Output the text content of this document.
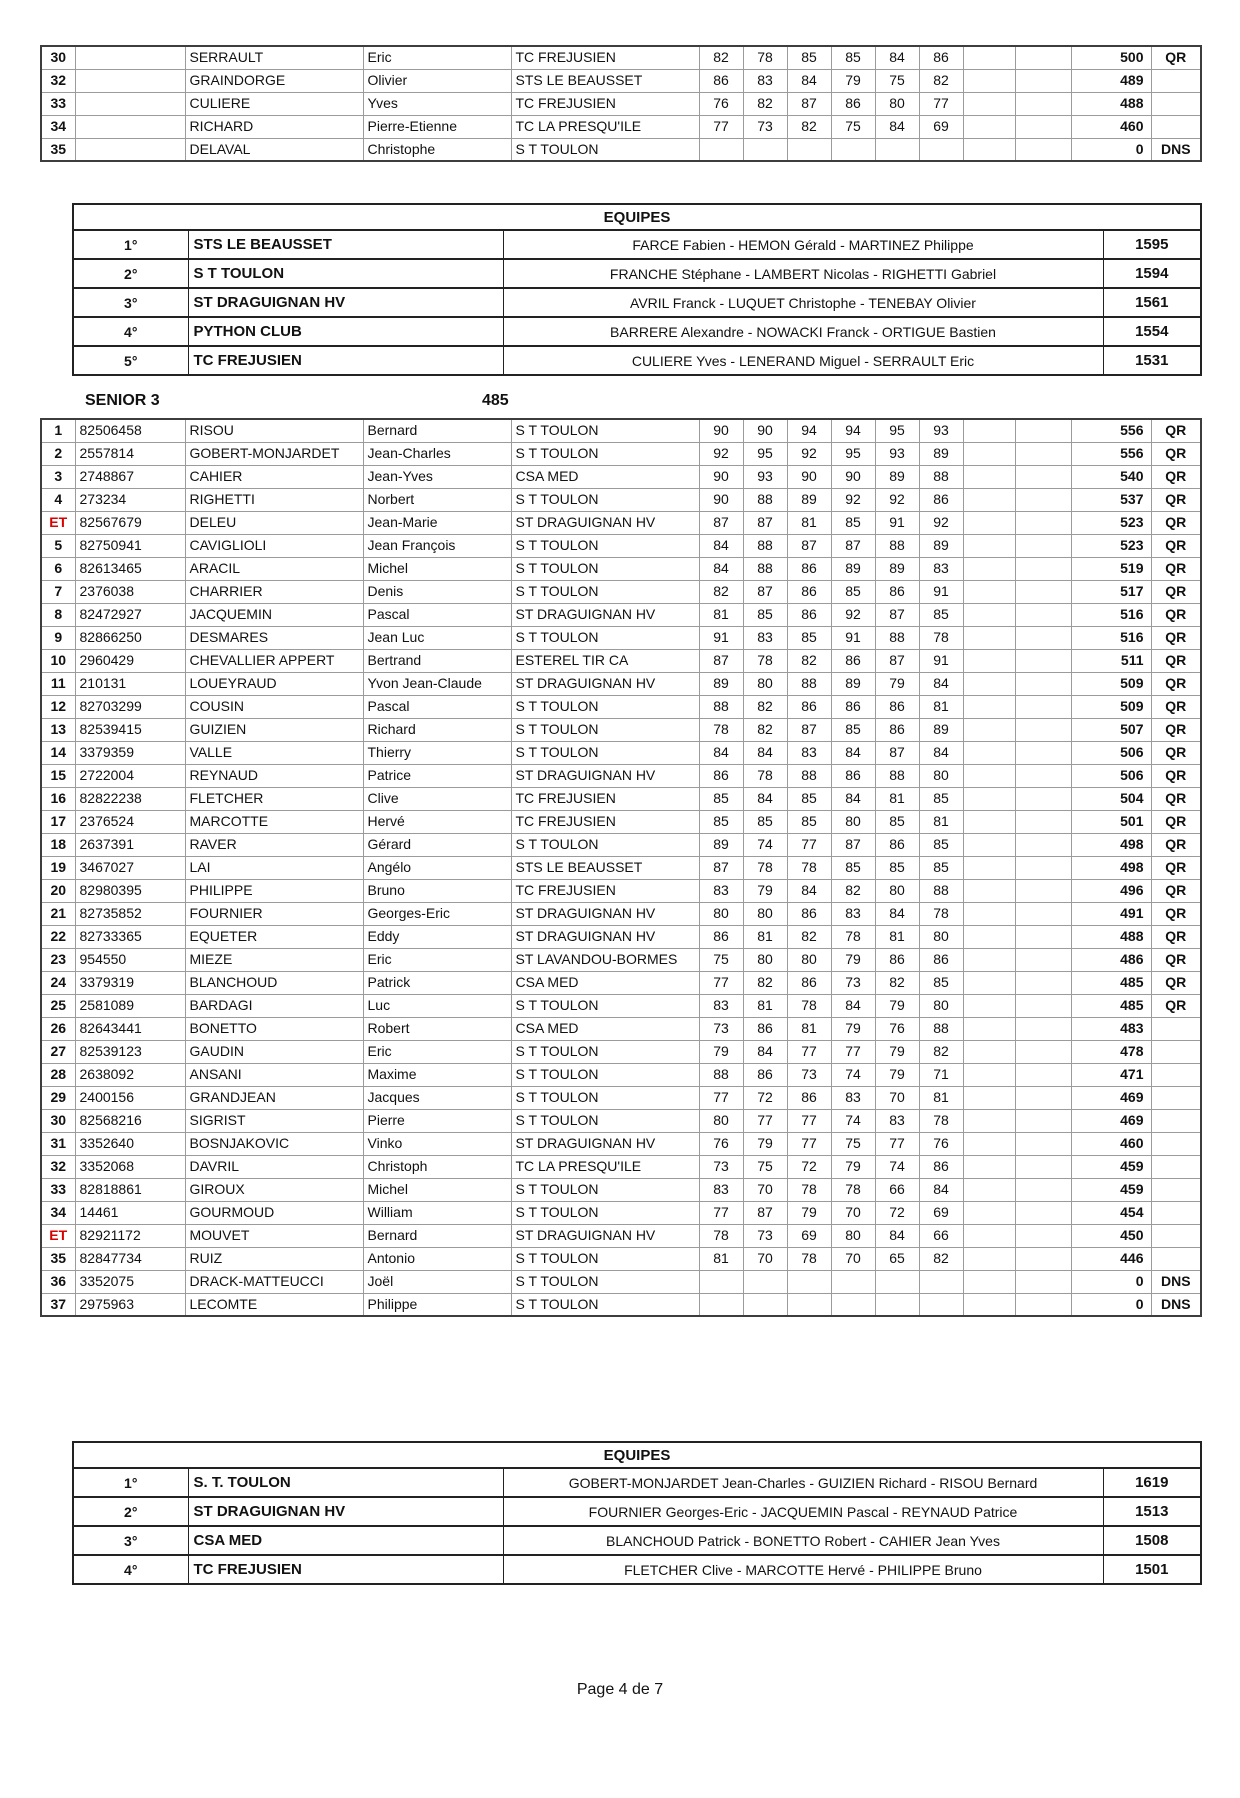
30		SERRAULT	Eric	TC FREJUSIEN	82	78	85	85	84	86			500	QR
32		GRAINDORGE	Olivier	STS LE BEAUSSET	86	83	84	79	75	82			489	
33		CULIERE	Yves	TC FREJUSIEN	76	82	87	86	80	77			488	
34		RICHARD	Pierre-Etienne	TC LA PRESQU'ILE	77	73	82	75	84	69			460	
35		DELAVAL	Christophe	S T TOULON									0	DNS
EQUIPES			
1°	STS LE BEAUSSET	FARCE Fabien - HEMON Gérald - MARTINEZ Philippe	1595
2°	S T TOULON	FRANCHE Stéphane - LAMBERT Nicolas - RIGHETTI Gabriel	1594
3°	ST DRAGUIGNAN HV	AVRIL Franck - LUQUET Christophe - TENEBAY Olivier	1561
4°	PYTHON CLUB	BARRERE Alexandre - NOWACKI Franck - ORTIGUE Bastien	1554
5°	TC FREJUSIEN	CULIERE Yves - LENERAND Miguel - SERRAULT Eric	1531
SENIOR 3	485
1	82506458	RISOU	Bernard	S T TOULON	90	90	94	94	95	93			556	QR
2	2557814	GOBERT-MONJARDET	Jean-Charles	S T TOULON	92	95	92	95	93	89			556	QR
3	2748867	CAHIER	Jean-Yves	CSA MED	90	93	90	90	89	88			540	QR
4	273234	RIGHETTI	Norbert	S T TOULON	90	88	89	92	92	86			537	QR
ET	82567679	DELEU	Jean-Marie	ST DRAGUIGNAN HV	87	87	81	85	91	92			523	QR
5	82750941	CAVIGLIOLI	Jean François	S T TOULON	84	88	87	87	88	89			523	QR
6	82613465	ARACIL	Michel	S T TOULON	84	88	86	89	89	83			519	QR
7	2376038	CHARRIER	Denis	S T TOULON	82	87	86	85	86	91			517	QR
8	82472927	JACQUEMIN	Pascal	ST DRAGUIGNAN HV	81	85	86	92	87	85			516	QR
9	82866250	DESMARES	Jean Luc	S T TOULON	91	83	85	91	88	78			516	QR
10	2960429	CHEVALLIER APPERT	Bertrand	ESTEREL TIR CA	87	78	82	86	87	91			511	QR
11	210131	LOUEYRAUD	Yvon Jean-Claude	ST DRAGUIGNAN HV	89	80	88	89	79	84			509	QR
12	82703299	COUSIN	Pascal	S T TOULON	88	82	86	86	86	81			509	QR
13	82539415	GUIZIEN	Richard	S T TOULON	78	82	87	85	86	89			507	QR
14	3379359	VALLE	Thierry	S T TOULON	84	84	83	84	87	84			506	QR
15	2722004	REYNAUD	Patrice	ST DRAGUIGNAN HV	86	78	88	86	88	80			506	QR
16	82822238	FLETCHER	Clive	TC FREJUSIEN	85	84	85	84	81	85			504	QR
17	2376524	MARCOTTE	Hervé	TC FREJUSIEN	85	85	85	80	85	81			501	QR
18	2637391	RAVER	Gérard	S T TOULON	89	74	77	87	86	85			498	QR
19	3467027	LAI	Angélo	STS LE BEAUSSET	87	78	78	85	85	85			498	QR
20	82980395	PHILIPPE	Bruno	TC FREJUSIEN	83	79	84	82	80	88			496	QR
21	82735852	FOURNIER	Georges-Eric	ST DRAGUIGNAN HV	80	80	86	83	84	78			491	QR
22	82733365	EQUETER	Eddy	ST DRAGUIGNAN HV	86	81	82	78	81	80			488	QR
23	954550	MIEZE	Eric	ST LAVANDOU-BORMES	75	80	80	79	86	86			486	QR
24	3379319	BLANCHOUD	Patrick	CSA MED	77	82	86	73	82	85			485	QR
25	2581089	BARDAGI	Luc	S T TOULON	83	81	78	84	79	80			485	QR
26	82643441	BONETTO	Robert	CSA MED	73	86	81	79	76	88			483	
27	82539123	GAUDIN	Eric	S T TOULON	79	84	77	77	79	82			478	
28	2638092	ANSANI	Maxime	S T TOULON	88	86	73	74	79	71			471	
29	2400156	GRANDJEAN	Jacques	S T TOULON	77	72	86	83	70	81			469	
30	82568216	SIGRIST	Pierre	S T TOULON	80	77	77	74	83	78			469	
31	3352640	BOSNJAKOVIC	Vinko	ST DRAGUIGNAN HV	76	79	77	75	77	76			460	
32	3352068	DAVRIL	Christoph	TC LA PRESQU'ILE	73	75	72	79	74	86			459	
33	82818861	GIROUX	Michel	S T TOULON	83	70	78	78	66	84			459	
34	14461	GOURMOUD	William	S T TOULON	77	87	79	70	72	69			454	
ET	82921172	MOUVET	Bernard	ST DRAGUIGNAN HV	78	73	69	80	84	66			450	
35	82847734	RUIZ	Antonio	S T TOULON	81	70	78	70	65	82			446	
36	3352075	DRACK-MATTEUCCI	Joël	S T TOULON									0	DNS
37	2975963	LECOMTE	Philippe	S T TOULON									0	DNS
EQUIPES			
1°	S. T. TOULON	GOBERT-MONJARDET Jean-Charles - GUIZIEN Richard - RISOU Bernard	1619
2°	ST DRAGUIGNAN HV	FOURNIER Georges-Eric - JACQUEMIN Pascal - REYNAUD Patrice	1513
3°	CSA MED	BLANCHOUD Patrick - BONETTO Robert - CAHIER Jean Yves	1508
4°	TC FREJUSIEN	FLETCHER Clive - MARCOTTE Hervé - PHILIPPE Bruno	1501
Page 4 de 7
